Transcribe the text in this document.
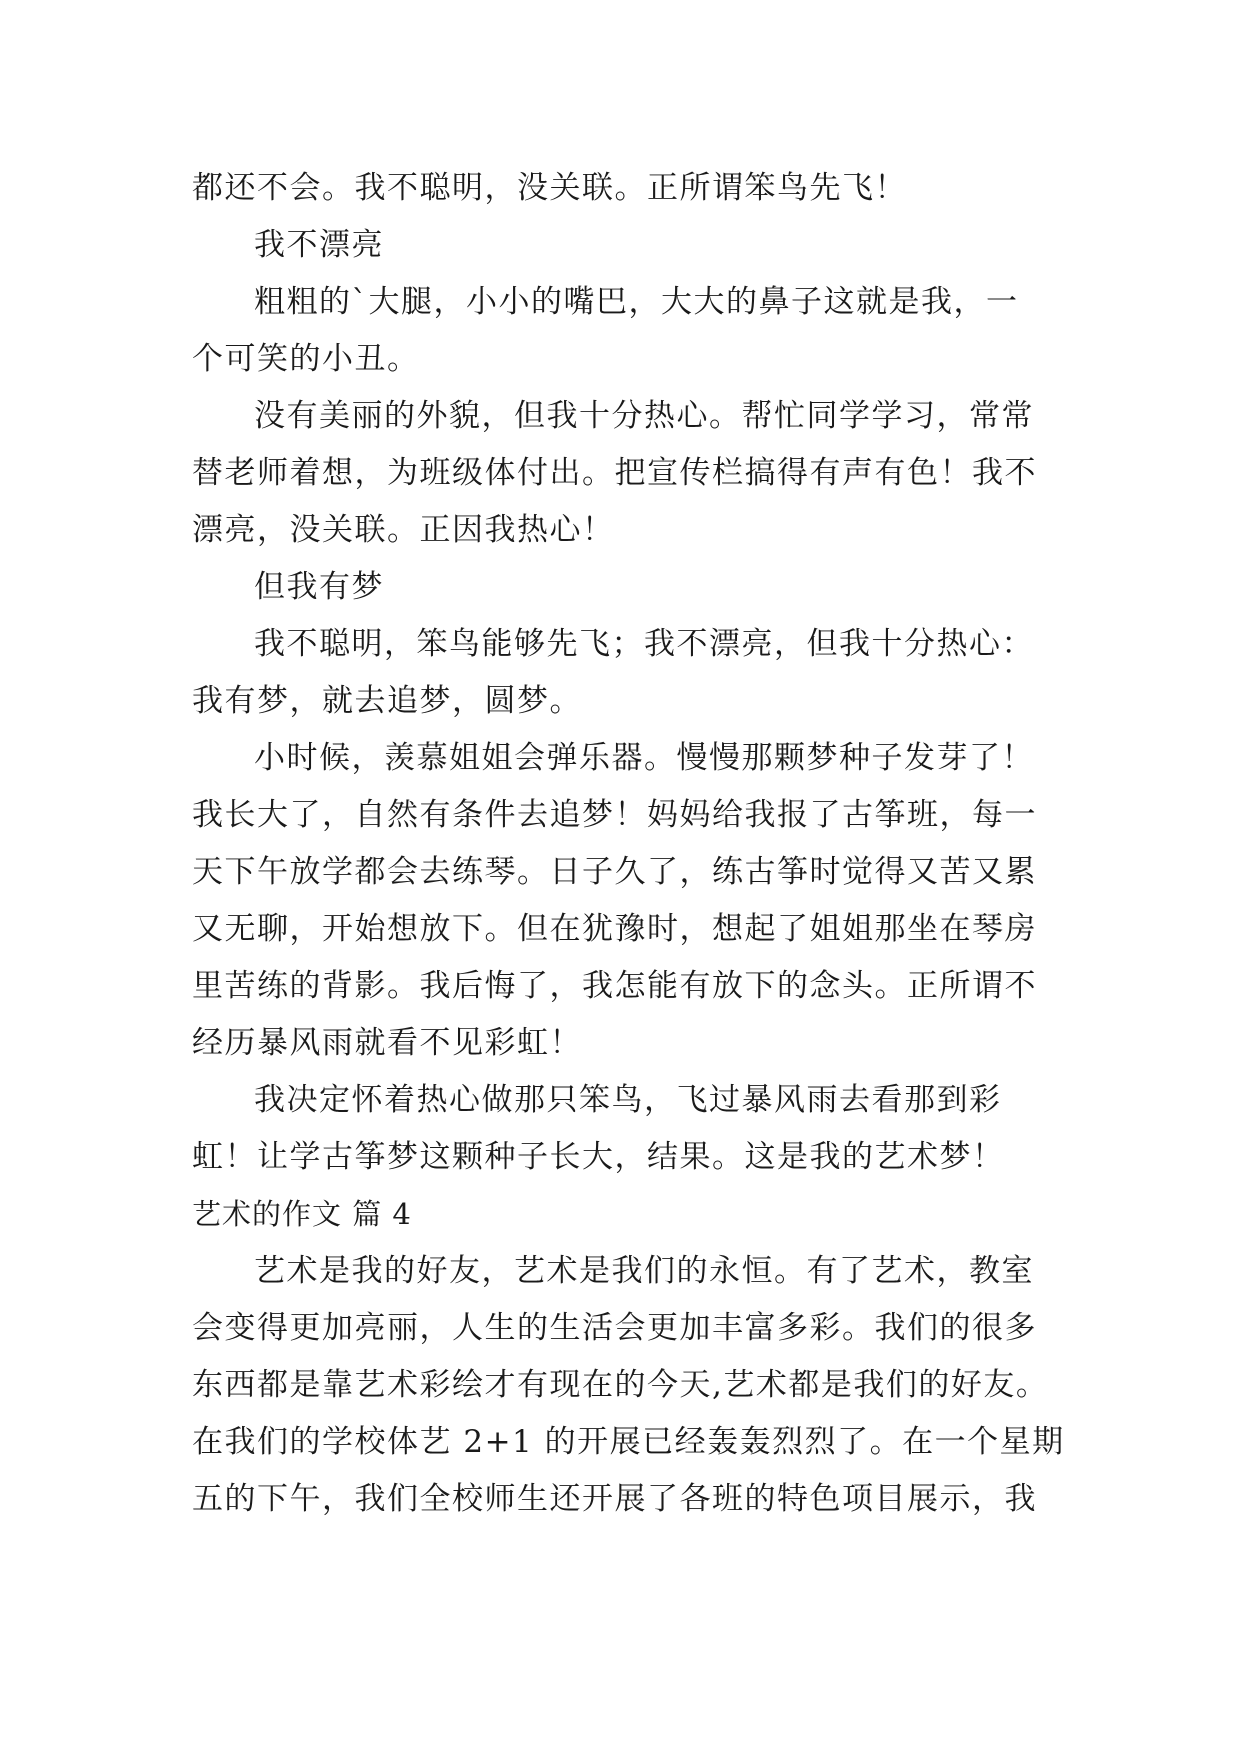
都还不会。我不聪明，没关联。正所谓笨鸟先飞！
我不漂亮
粗粗的`大腿，小小的嘴巴，大大的鼻子这就是我，一
个可笑的小丑。
没有美丽的外貌，但我十分热心。帮忙同学学习，常常
替老师着想，为班级体付出。把宣传栏搞得有声有色！我不
漂亮，没关联。正因我热心！
但我有梦
我不聪明，笨鸟能够先飞；我不漂亮，但我十分热心：
我有梦，就去追梦，圆梦。
小时候，羡慕姐姐会弹乐器。慢慢那颗梦种子发芽了！
我长大了，自然有条件去追梦！妈妈给我报了古筝班，每一
天下午放学都会去练琴。日子久了，练古筝时觉得又苦又累
又无聊，开始想放下。但在犹豫时，想起了姐姐那坐在琴房
里苦练的背影。我后悔了，我怎能有放下的念头。正所谓不
经历暴风雨就看不见彩虹！
我决定怀着热心做那只笨鸟，飞过暴风雨去看那到彩
虹！让学古筝梦这颗种子长大，结果。这是我的艺术梦！
艺术的作文 篇 4
艺术是我的好友，艺术是我们的永恒。有了艺术，教室
会变得更加亮丽，人生的生活会更加丰富多彩。我们的很多
东西都是靠艺术彩绘才有现在的今天,艺术都是我们的好友。
在我们的学校体艺 2+1 的开展已经轰轰烈烈了。在一个星期
五的下午，我们全校师生还开展了各班的特色项目展示，我
